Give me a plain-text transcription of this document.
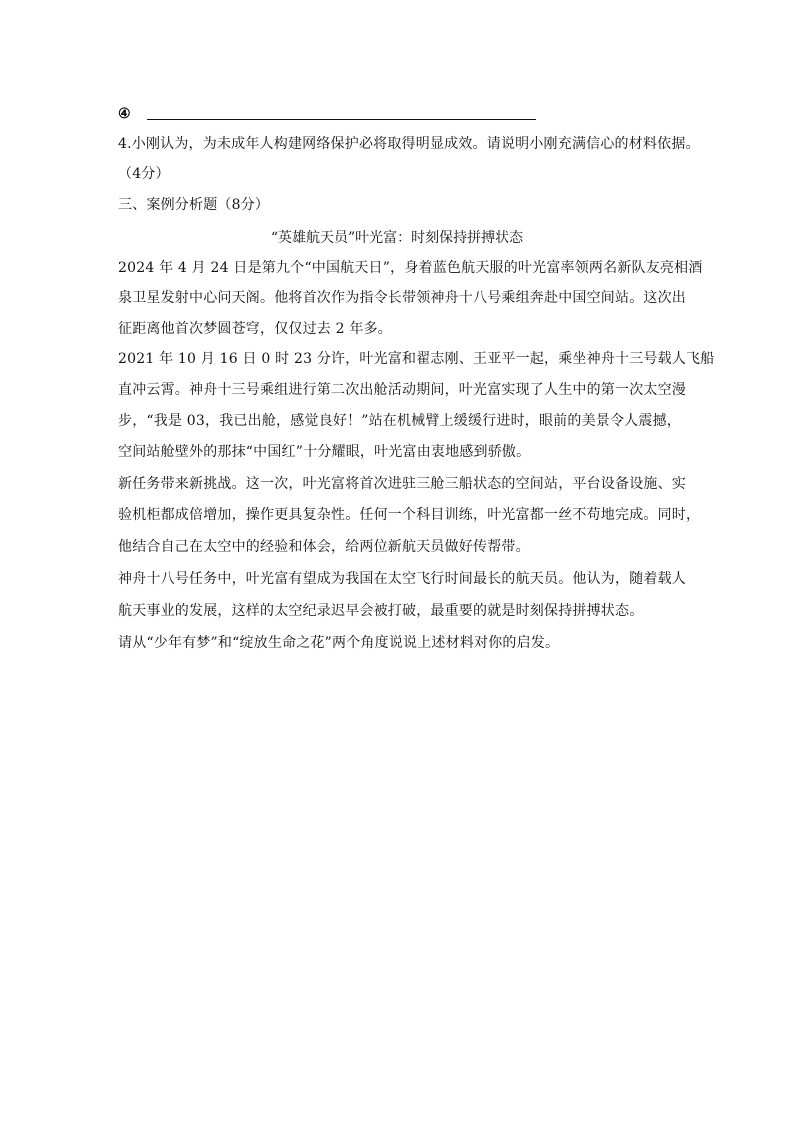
④
4.小刚认为，为未成年人构建网络保护必将取得明显成效。请说明小刚充满信心的材料依据。
（4分）
三、案例分析题（8分）
“英雄航天员”叶光富：时刻保持拼搏状态
2024 年 4 月 24 日是第九个“中国航天日”，身着蓝色航天服的叶光富率领两名新队友亮相酒
泉卫星发射中心问天阁。他将首次作为指令长带领神舟十八号乘组奔赴中国空间站。这次出
征距离他首次梦圆苍穹，仅仅过去 2 年多。
2021 年 10 月 16 日 0 时 23 分许，叶光富和翟志刚、王亚平一起，乘坐神舟十三号载人飞船
直冲云霄。神舟十三号乘组进行第二次出舱活动期间，叶光富实现了人生中的第一次太空漫
步，“我是 03，我已出舱，感觉良好！”站在机械臂上缓缓行进时，眼前的美景令人震撼，
空间站舱壁外的那抹“中国红”十分耀眼，叶光富由衷地感到骄傲。
新任务带来新挑战。这一次，叶光富将首次进驻三舱三船状态的空间站，平台设备设施、实
验机柜都成倍增加，操作更具复杂性。任何一个科目训练，叶光富都一丝不苟地完成。同时，
他结合自己在太空中的经验和体会，给两位新航天员做好传帮带。
神舟十八号任务中，叶光富有望成为我国在太空飞行时间最长的航天员。他认为，随着载人
航天事业的发展，这样的太空纪录迟早会被打破，最重要的就是时刻保持拼搏状态。
请从“少年有梦”和“绽放生命之花”两个角度说说上述材料对你的启发。
